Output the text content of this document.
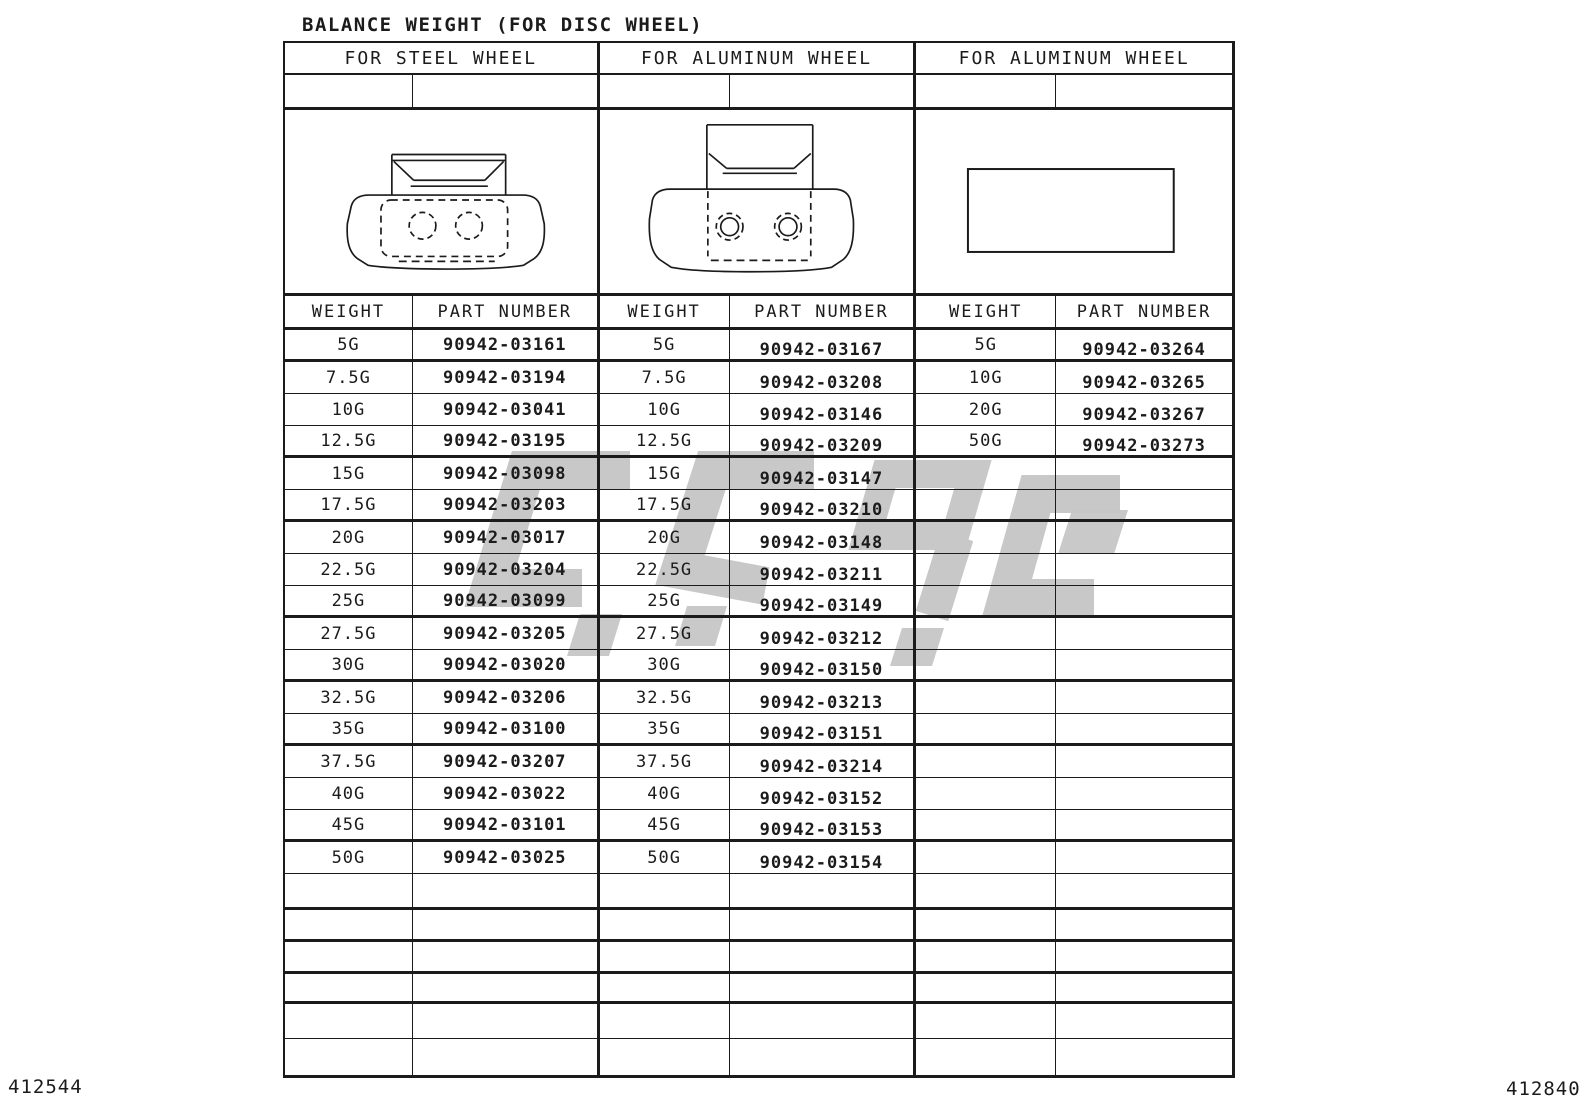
BALANCE WEIGHT (FOR DISC WHEEL)
FOR STEEL WHEEL	FOR ALUMINUM WHEEL	FOR ALUMINUM WHEEL
WEIGHT	PART NUMBER	WEIGHT	PART NUMBER	WEIGHT	PART NUMBER
5G	90942-03161	5G	90942-03167	5G	90942-03264
7.5G	90942-03194	7.5G	90942-03208	10G	90942-03265
10G	90942-03041	10G	90942-03146	20G	90942-03267
12.5G	90942-03195	12.5G	90942-03209	50G	90942-03273
15G	90942-03098	15G	90942-03147
17.5G	90942-03203	17.5G	90942-03210
20G	90942-03017	20G	90942-03148
22.5G	90942-03204	22.5G	90942-03211
25G	90942-03099	25G	90942-03149
27.5G	90942-03205	27.5G	90942-03212
30G	90942-03020	30G	90942-03150
32.5G	90942-03206	32.5G	90942-03213
35G	90942-03100	35G	90942-03151
37.5G	90942-03207	37.5G	90942-03214
40G	90942-03022	40G	90942-03152
45G	90942-03101	45G	90942-03153
50G	90942-03025	50G	90942-03154
412544	412840
